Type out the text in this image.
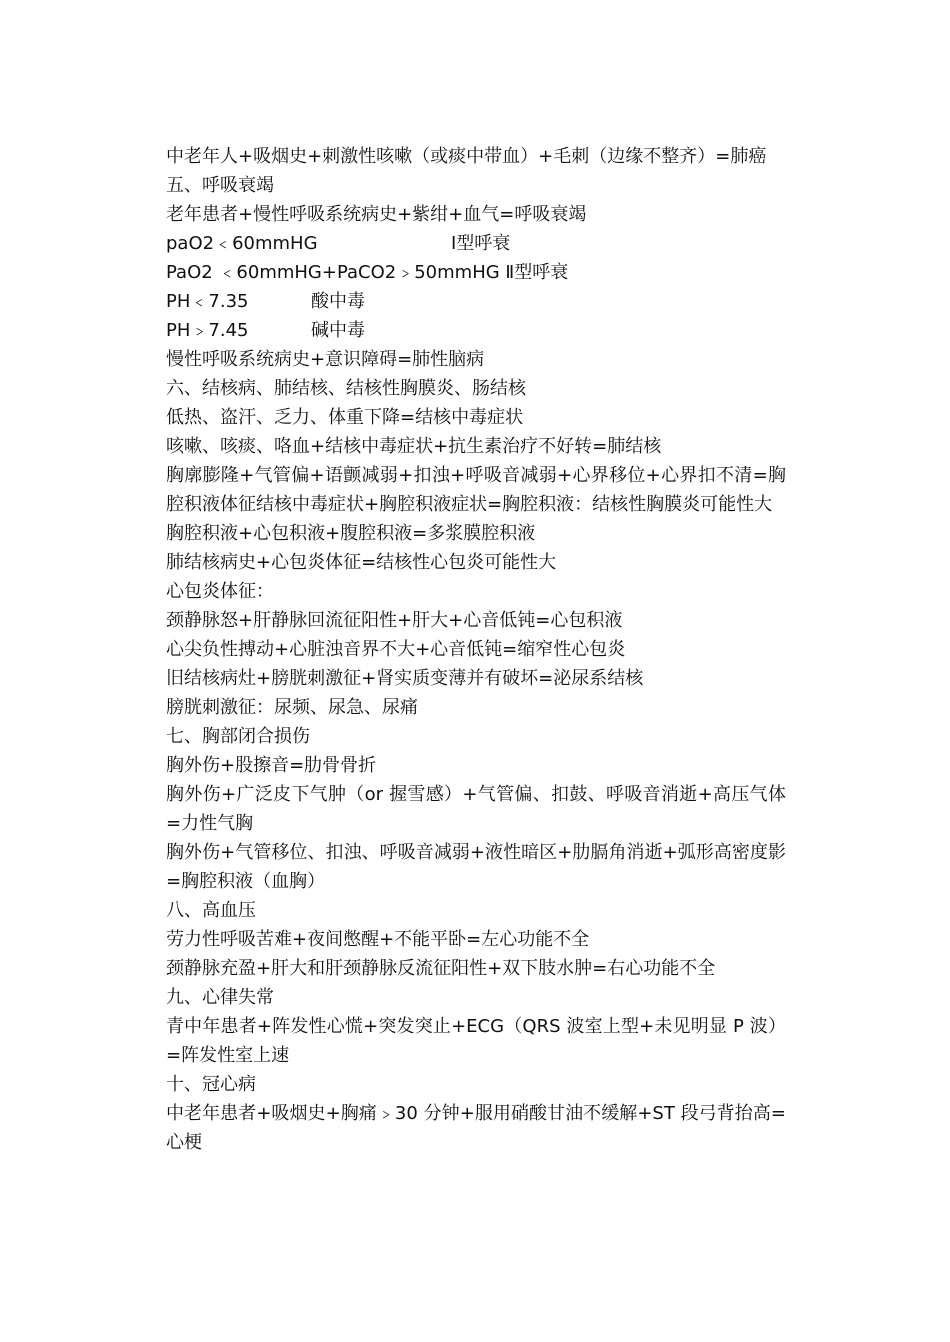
中老年人+吸烟史+刺激性咳嗽（或痰中带血）+毛刺（边缘不整齐）=肺癌
五、呼吸衰竭
老年患者+慢性呼吸系统病史+紫绀+血气=呼吸衰竭
paO2﹤60mmHG	Ⅰ型呼衰
PaO2 ﹤60mmHG+PaCO2﹥50mmHG Ⅱ型呼衰
PH﹤7.35	酸中毒
PH﹥7.45	碱中毒
慢性呼吸系统病史+意识障碍=肺性脑病
六、结核病、肺结核、结核性胸膜炎、肠结核
低热、盗汗、乏力、体重下降=结核中毒症状
咳嗽、咳痰、咯血+结核中毒症状+抗生素治疗不好转=肺结核
胸廓膨隆+气管偏+语颤减弱+扣浊+呼吸音减弱+心界移位+心界扣不清=胸腔积液体征结核中毒症状+胸腔积液症状=胸腔积液：结核性胸膜炎可能性大
胸腔积液+心包积液+腹腔积液=多浆膜腔积液
肺结核病史+心包炎体征=结核性心包炎可能性大
心包炎体征：
颈静脉怒+肝静脉回流征阳性+肝大+心音低钝=心包积液
心尖负性搏动+心脏浊音界不大+心音低钝=缩窄性心包炎
旧结核病灶+膀胱刺激征+肾实质变薄并有破坏=泌尿系结核
膀胱刺激征：尿频、尿急、尿痛
七、胸部闭合损伤
胸外伤+股擦音=肋骨骨折
胸外伤+广泛皮下气肿（or 握雪感）+气管偏、扣鼓、呼吸音消逝+高压气体=力性气胸
胸外伤+气管移位、扣浊、呼吸音减弱+液性暗区+肋膈角消逝+弧形高密度影=胸腔积液（血胸）
八、高血压
劳力性呼吸苦难+夜间憋醒+不能平卧=左心功能不全
颈静脉充盈+肝大和肝颈静脉反流征阳性+双下肢水肿=右心功能不全
九、心律失常
青中年患者+阵发性心慌+突发突止+ECG（QRS 波室上型+未见明显 P 波）=阵发性室上速
十、冠心病
中老年患者+吸烟史+胸痛﹥30 分钟+服用硝酸甘油不缓解+ST 段弓背抬高=心梗
